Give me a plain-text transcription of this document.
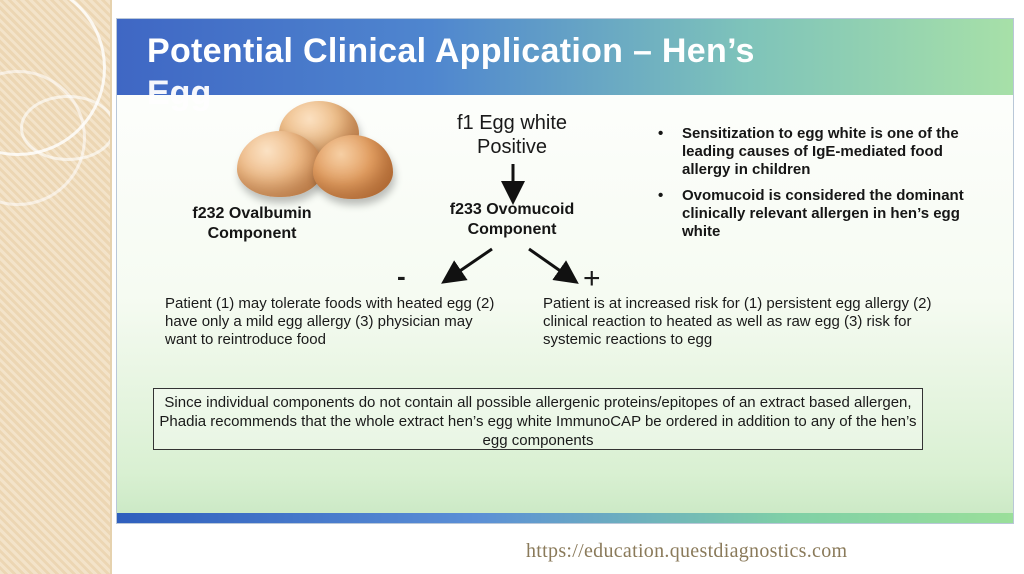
Potential Clinical Application – Hen’s
Egg
f1 Egg white
Positive
f232 Ovalbumin
Component
f233 Ovomucoid
Component
-	+
Patient (1) may tolerate foods with heated egg (2) have only a mild egg allergy (3) physician may want to reintroduce food
Patient is at increased risk for (1) persistent egg allergy (2) clinical reaction to heated as well as raw egg (3) risk for systemic reactions to egg
• Sensitization to egg white is one of the leading causes of IgE-mediated food allergy in children
• Ovomucoid is considered the dominant clinically relevant allergen in hen’s egg white
Since individual components do not contain all possible allergenic proteins/epitopes of an extract based allergen, Phadia recommends that the whole extract hen’s egg white ImmunoCAP be ordered in addition to any of the hen’s egg components
https://education.questdiagnostics.com
